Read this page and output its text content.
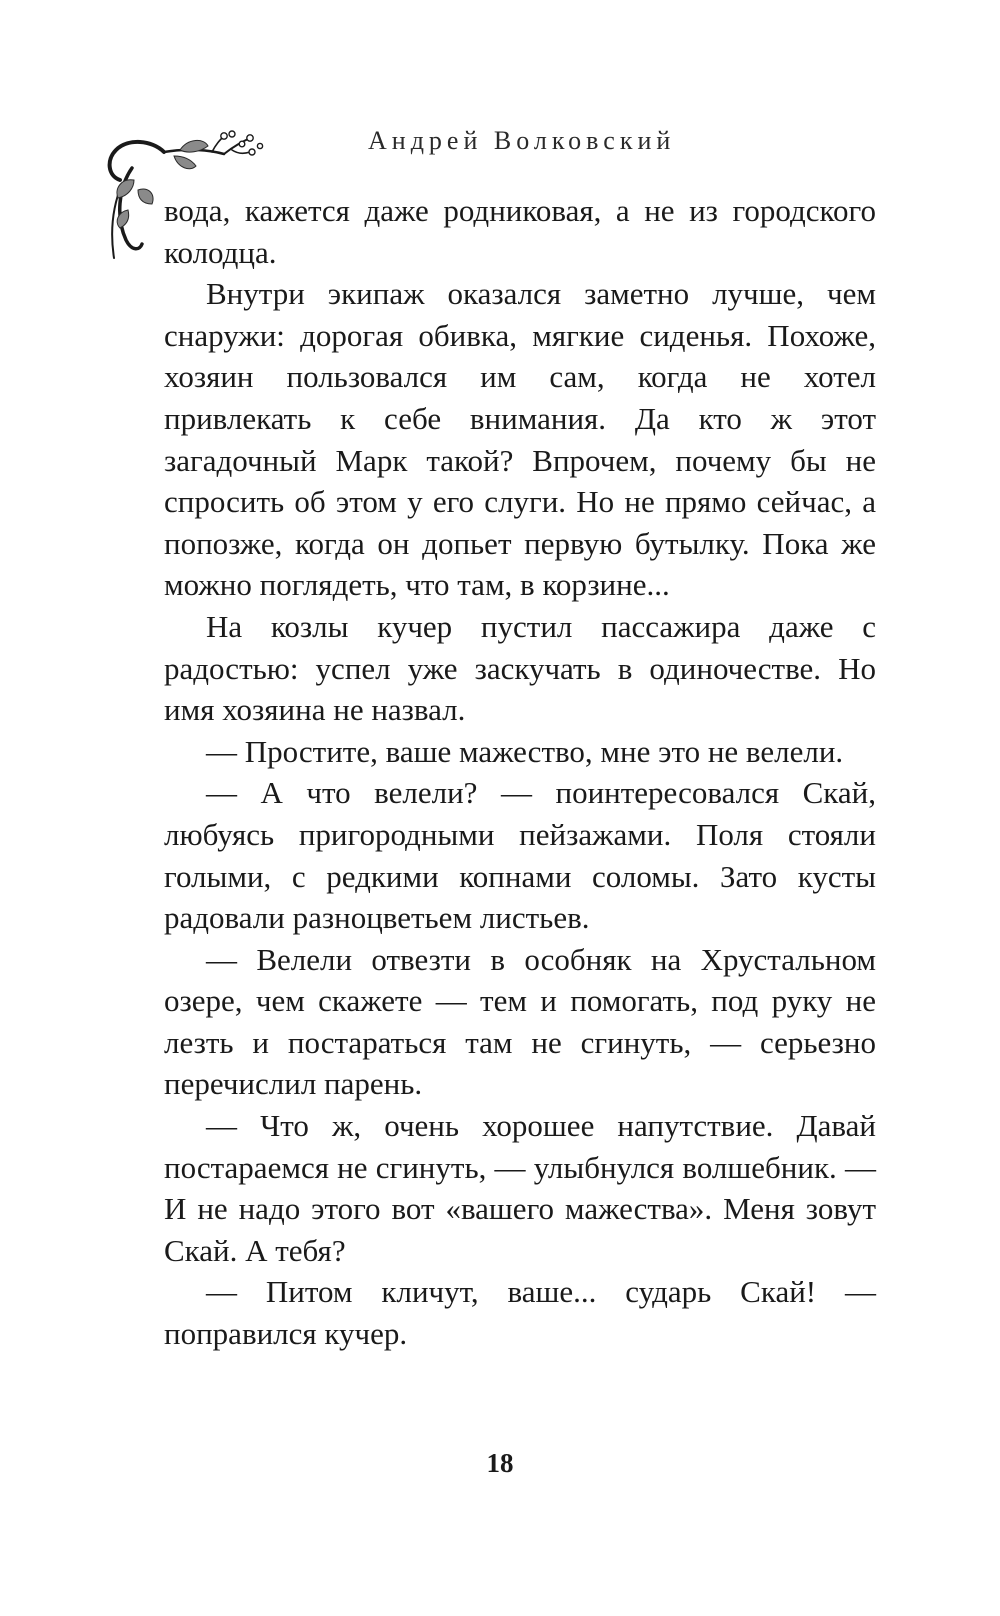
Андрей Волковский

вода, кажется даже родниковая, а не из городского колодца.

Внутри экипаж оказался заметно лучше, чем снаружи: дорогая обивка, мягкие сиденья. Похоже, хозяин пользовался им сам, когда не хотел привлекать к себе внимания. Да кто ж этот загадочный Марк такой? Впрочем, почему бы не спросить об этом у его слуги. Но не прямо сейчас, а попозже, когда он допьет первую бутылку. Пока же можно поглядеть, что там, в корзине...

На козлы кучер пустил пассажира даже с радостью: успел уже заскучать в одиночестве. Но имя хозяина не назвал.

— Простите, ваше мажество, мне это не велели.

— А что велели? — поинтересовался Скай, любуясь пригородными пейзажами. Поля стояли голыми, с редкими копнами соломы. Зато кусты радовали разноцветьем листьев.

— Велели отвезти в особняк на Хрустальном озере, чем скажете — тем и помогать, под руку не лезть и постараться там не сгинуть, — серьезно перечислил парень.

— Что ж, очень хорошее напутствие. Давай постараемся не сгинуть, — улыбнулся волшебник. — И не надо этого вот «вашего мажества». Меня зовут Скай. А тебя?

— Питом кличут, ваше... сударь Скай! — поправился кучер.

18
